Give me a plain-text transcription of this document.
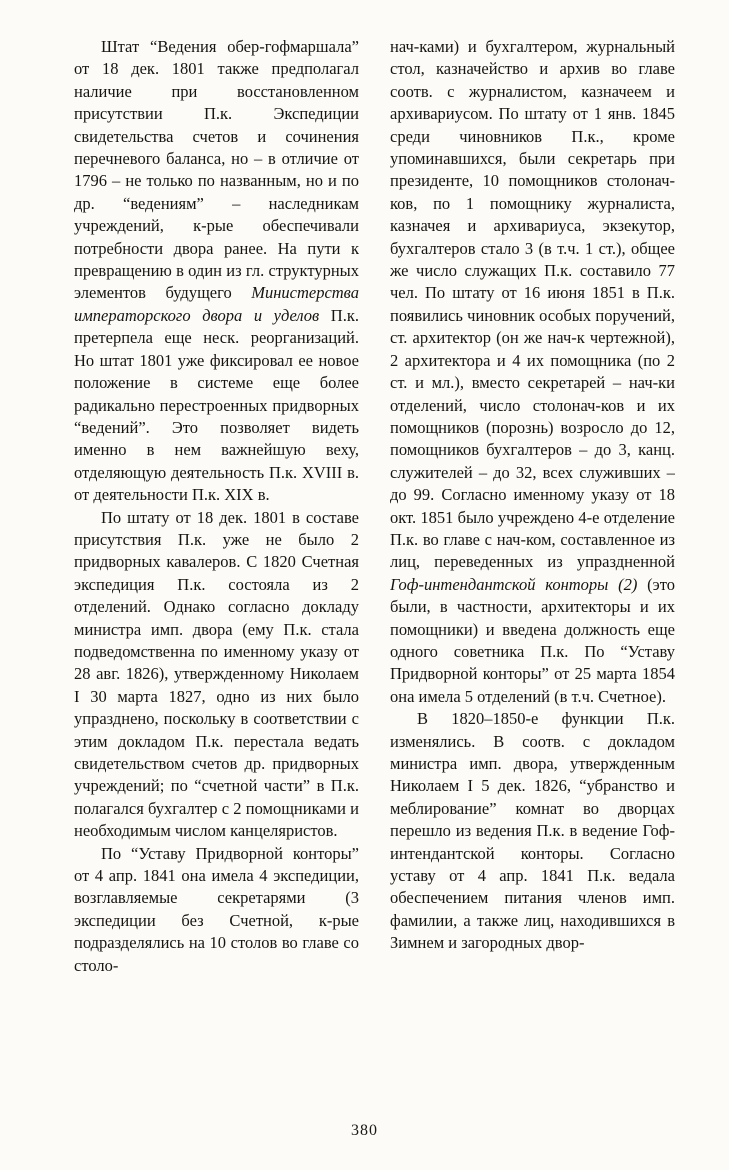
Штат “Ведения обер-гофмаршала” от 18 дек. 1801 также предполагал наличие при восстановленном присутствии П.к. Экспедиции свидетельства счетов и сочинения перечневого баланса, но – в отличие от 1796 – не только по названным, но и по др. “ведениям” – наследникам учреждений, к-рые обеспечивали потребности двора ранее. На пути к превращению в один из гл. структурных элементов будущего Министерства императорского двора и уделов П.к. претерпела еще неск. реорганизаций. Но штат 1801 уже фиксировал ее новое положение в системе еще более радикально перестроенных придворных “ведений”. Это позволяет видеть именно в нем важнейшую веху, отделяющую деятельность П.к. XVIII в. от деятельности П.к. XIX в.

По штату от 18 дек. 1801 в составе присутствия П.к. уже не было 2 придворных кавалеров. С 1820 Счетная экспедиция П.к. состояла из 2 отделений. Однако согласно докладу министра имп. двора (ему П.к. стала подведомственна по именному указу от 28 авг. 1826), утвержденному Николаем I 30 марта 1827, одно из них было упразднено, поскольку в соответствии с этим докладом П.к. перестала ведать свидетельством счетов др. придворных учреждений; по “счетной части” в П.к. полагался бухгалтер с 2 помощниками и необходимым числом канцеляристов.

По “Уставу Придворной конторы” от 4 апр. 1841 она имела 4 экспедиции, возглавляемые секретарями (3 экспедиции без Счетной, к-рые подразделялись на 10 столов во главе со столо-

нач-ками) и бухгалтером, журнальный стол, казначейство и архив во главе соотв. с журналистом, казначеем и архивариусом. По штату от 1 янв. 1845 среди чиновников П.к., кроме упоминавшихся, были секретарь при президенте, 10 помощников столонач-ков, по 1 помощнику журналиста, казначея и архивариуса, экзекутор, бухгалтеров стало 3 (в т.ч. 1 ст.), общее же число служащих П.к. составило 77 чел. По штату от 16 июня 1851 в П.к. появились чиновник особых поручений, ст. архитектор (он же нач-к чертежной), 2 архитектора и 4 их помощника (по 2 ст. и мл.), вместо секретарей – нач-ки отделений, число столонач-ков и их помощников (порознь) возросло до 12, помощников бухгалтеров – до 3, канц. служителей – до 32, всех служивших – до 99. Согласно именному указу от 18 окт. 1851 было учреждено 4-е отделение П.к. во главе с нач-ком, составленное из лиц, переведенных из упраздненной Гоф-интендантской конторы (2) (это были, в частности, архитекторы и их помощники) и введена должность еще одного советника П.к. По “Уставу Придворной конторы” от 25 марта 1854 она имела 5 отделений (в т.ч. Счетное).

В 1820–1850-е функции П.к. изменялись. В соотв. с докладом министра имп. двора, утвержденным Николаем I 5 дек. 1826, “убранство и меблирование” комнат во дворцах перешло из ведения П.к. в ведение Гоф-интендантской конторы. Согласно уставу от 4 апр. 1841 П.к. ведала обеспечением питания членов имп. фамилии, а также лиц, находившихся в Зимнем и загородных двор-

380
